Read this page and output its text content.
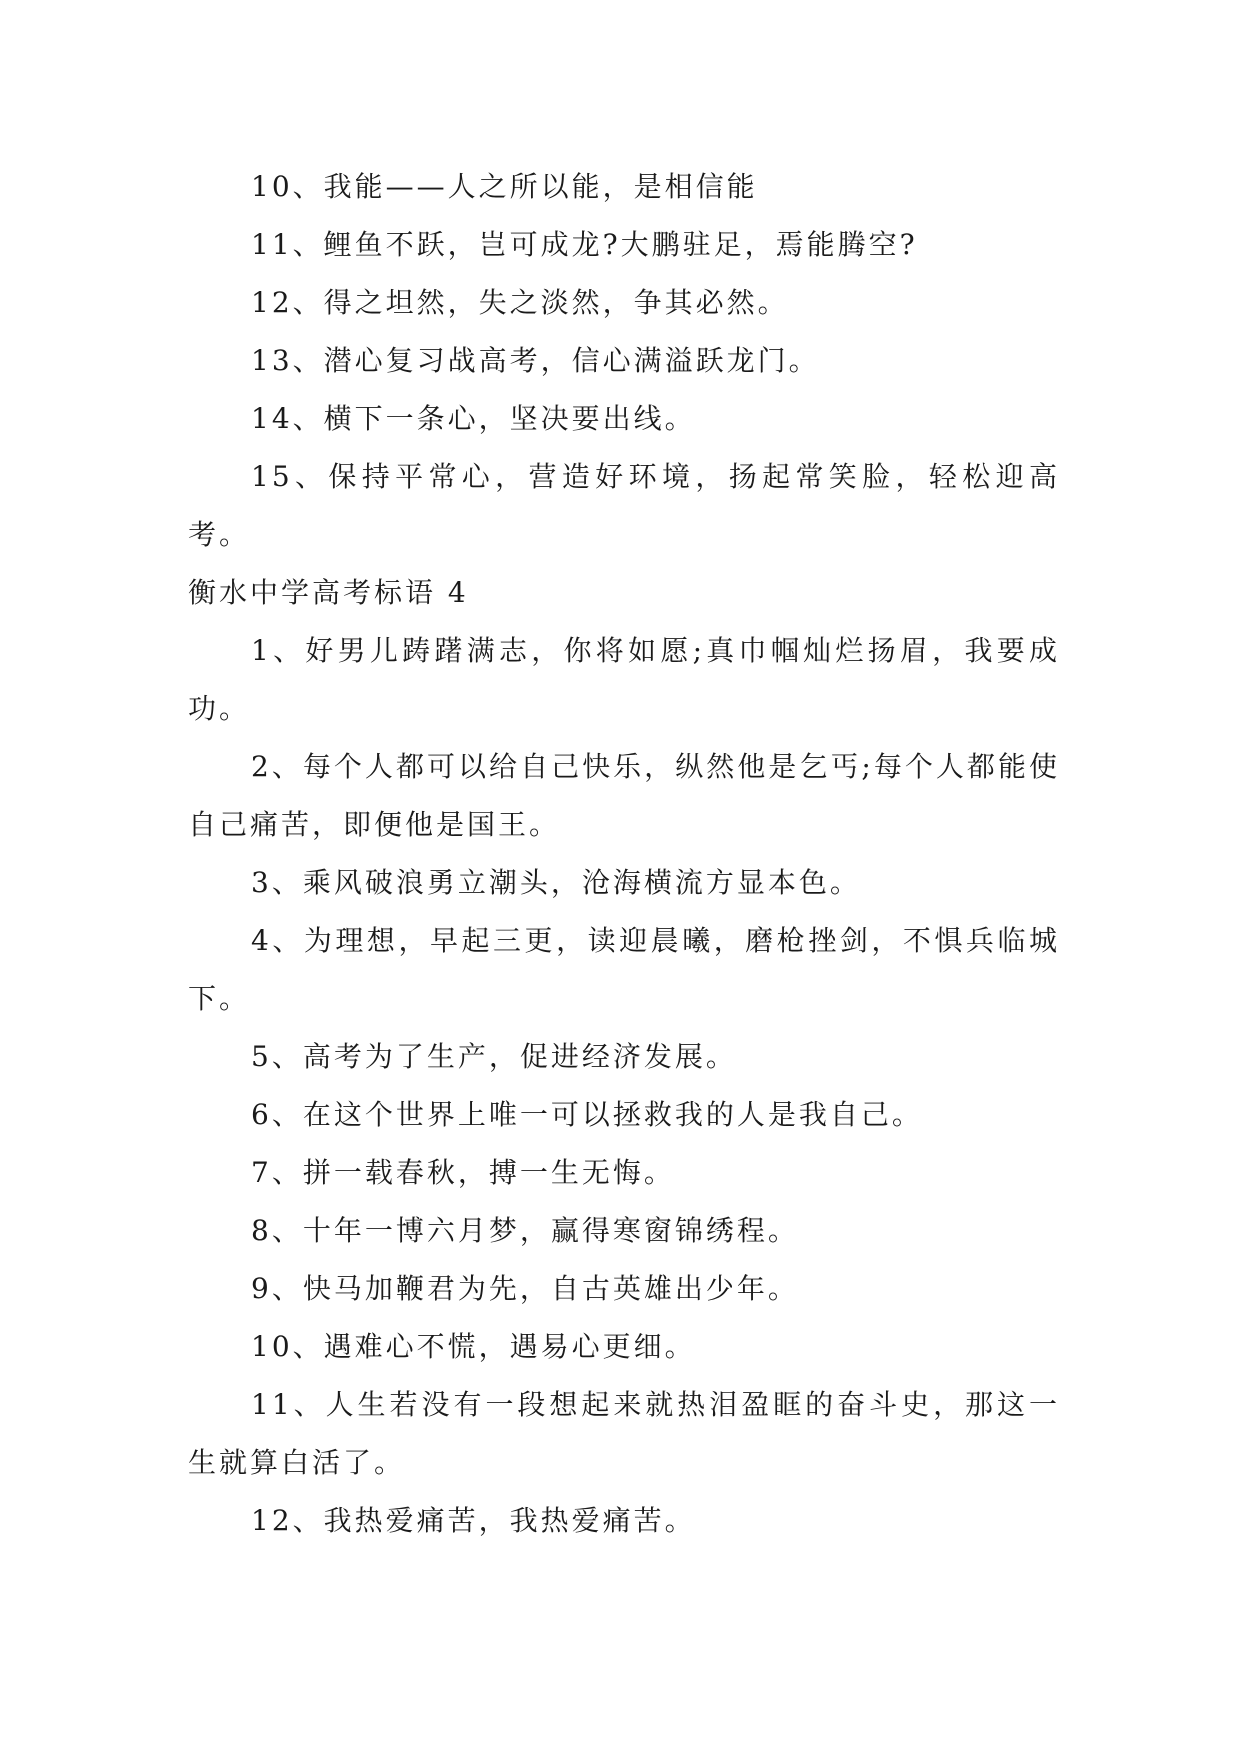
10、我能——人之所以能，是相信能

11、鲤鱼不跃，岂可成龙?大鹏驻足，焉能腾空?

12、得之坦然，失之淡然，争其必然。

13、潜心复习战高考，信心满溢跃龙门。

14、横下一条心，坚决要出线。

15、保持平常心，营造好环境，扬起常笑脸，轻松迎高考。

衡水中学高考标语 4

1、好男儿踌躇满志，你将如愿;真巾帼灿烂扬眉，我要成功。

2、每个人都可以给自己快乐，纵然他是乞丐;每个人都能使自己痛苦，即便他是国王。

3、乘风破浪勇立潮头，沧海横流方显本色。

4、为理想，早起三更，读迎晨曦，磨枪挫剑，不惧兵临城下。

5、高考为了生产，促进经济发展。

6、在这个世界上唯一可以拯救我的人是我自己。

7、拼一载春秋，搏一生无悔。

8、十年一博六月梦，赢得寒窗锦绣程。

9、快马加鞭君为先，自古英雄出少年。

10、遇难心不慌，遇易心更细。

11、人生若没有一段想起来就热泪盈眶的奋斗史，那这一生就算白活了。

12、我热爱痛苦，我热爱痛苦。
